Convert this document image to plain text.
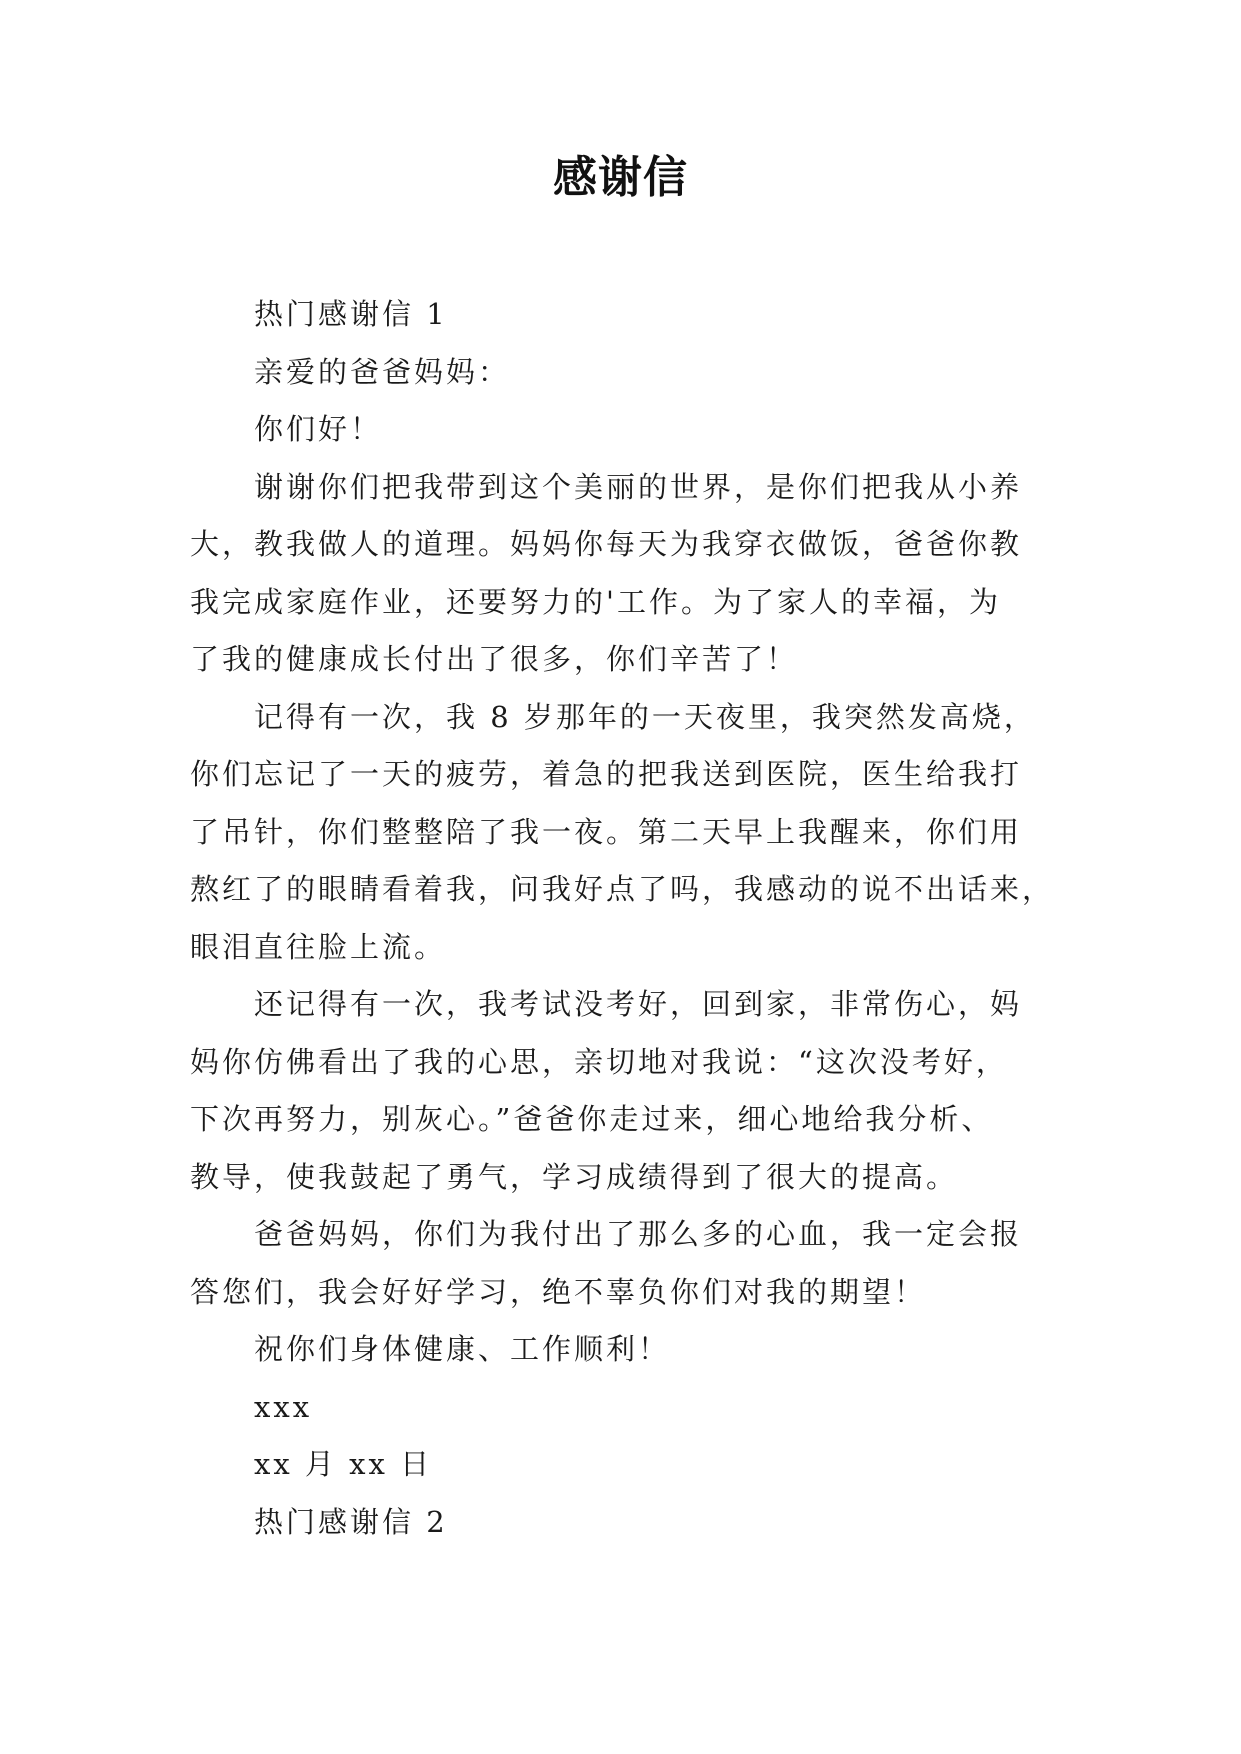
感谢信
热门感谢信 1
亲爱的爸爸妈妈：
你们好！
谢谢你们把我带到这个美丽的世界，是你们把我从小养
大，教我做人的道理。妈妈你每天为我穿衣做饭，爸爸你教
我完成家庭作业，还要努力的'工作。为了家人的幸福，为
了我的健康成长付出了很多，你们辛苦了！
记得有一次，我 8 岁那年的一天夜里，我突然发高烧，
你们忘记了一天的疲劳，着急的把我送到医院，医生给我打
了吊针，你们整整陪了我一夜。第二天早上我醒来，你们用
熬红了的眼睛看着我，问我好点了吗，我感动的说不出话来，
眼泪直往脸上流。
还记得有一次，我考试没考好，回到家，非常伤心，妈
妈你仿佛看出了我的心思，亲切地对我说：“这次没考好，
下次再努力，别灰心。”爸爸你走过来，细心地给我分析、
教导，使我鼓起了勇气，学习成绩得到了很大的提高。
爸爸妈妈，你们为我付出了那么多的心血，我一定会报
答您们，我会好好学习，绝不辜负你们对我的期望！
祝你们身体健康、工作顺利！
xxx
xx 月 xx 日
热门感谢信 2
